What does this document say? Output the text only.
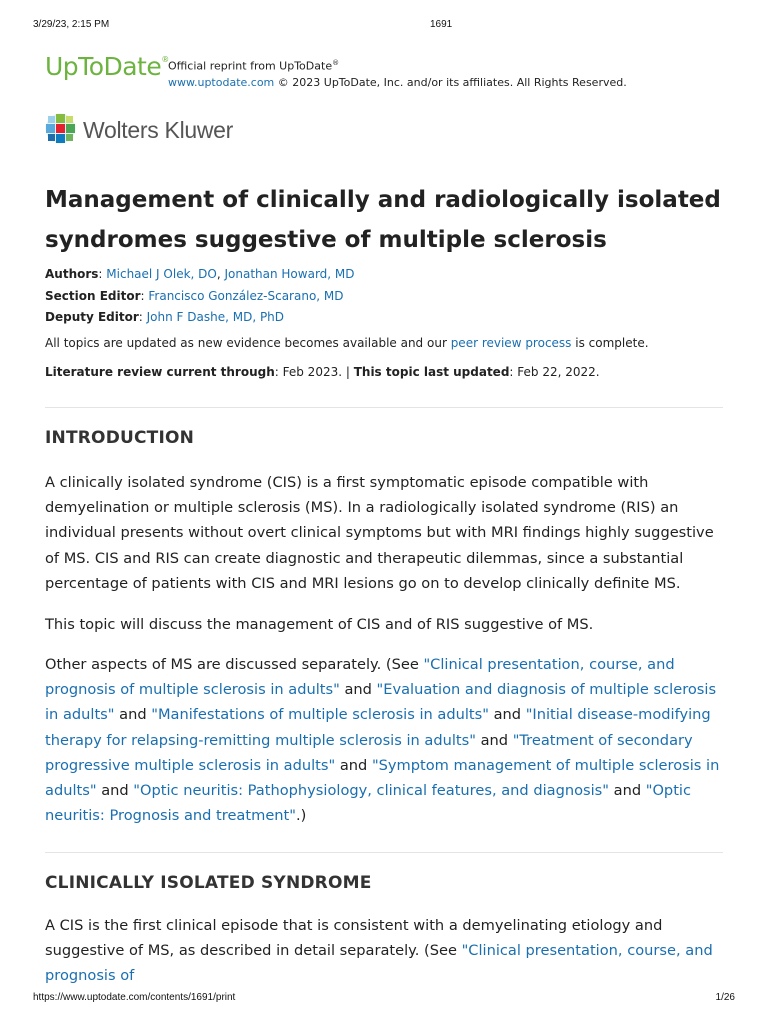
3/29/23, 2:15 PM	1691
UpToDate®
Official reprint from UpToDate®
www.uptodate.com © 2023 UpToDate, Inc. and/or its affiliates. All Rights Reserved.
Wolters Kluwer
Management of clinically and radiologically isolated syndromes suggestive of multiple sclerosis
Authors: Michael J Olek, DO, Jonathan Howard, MD
Section Editor: Francisco González-Scarano, MD
Deputy Editor: John F Dashe, MD, PhD
All topics are updated as new evidence becomes available and our peer review process is complete.
Literature review current through: Feb 2023. | This topic last updated: Feb 22, 2022.
INTRODUCTION

A clinically isolated syndrome (CIS) is a first symptomatic episode compatible with demyelination or multiple sclerosis (MS). In a radiologically isolated syndrome (RIS) an individual presents without overt clinical symptoms but with MRI findings highly suggestive of MS. CIS and RIS can create diagnostic and therapeutic dilemmas, since a substantial percentage of patients with CIS and MRI lesions go on to develop clinically definite MS.

This topic will discuss the management of CIS and of RIS suggestive of MS.

Other aspects of MS are discussed separately. (See "Clinical presentation, course, and prognosis of multiple sclerosis in adults" and "Evaluation and diagnosis of multiple sclerosis in adults" and "Manifestations of multiple sclerosis in adults" and "Initial disease-modifying therapy for relapsing-remitting multiple sclerosis in adults" and "Treatment of secondary progressive multiple sclerosis in adults" and "Symptom management of multiple sclerosis in adults" and "Optic neuritis: Pathophysiology, clinical features, and diagnosis" and "Optic neuritis: Prognosis and treatment".)

CLINICALLY ISOLATED SYNDROME

A CIS is the first clinical episode that is consistent with a demyelinating etiology and suggestive of MS, as described in detail separately. (See "Clinical presentation, course, and prognosis of

https://www.uptodate.com/contents/1691/print	1/26
